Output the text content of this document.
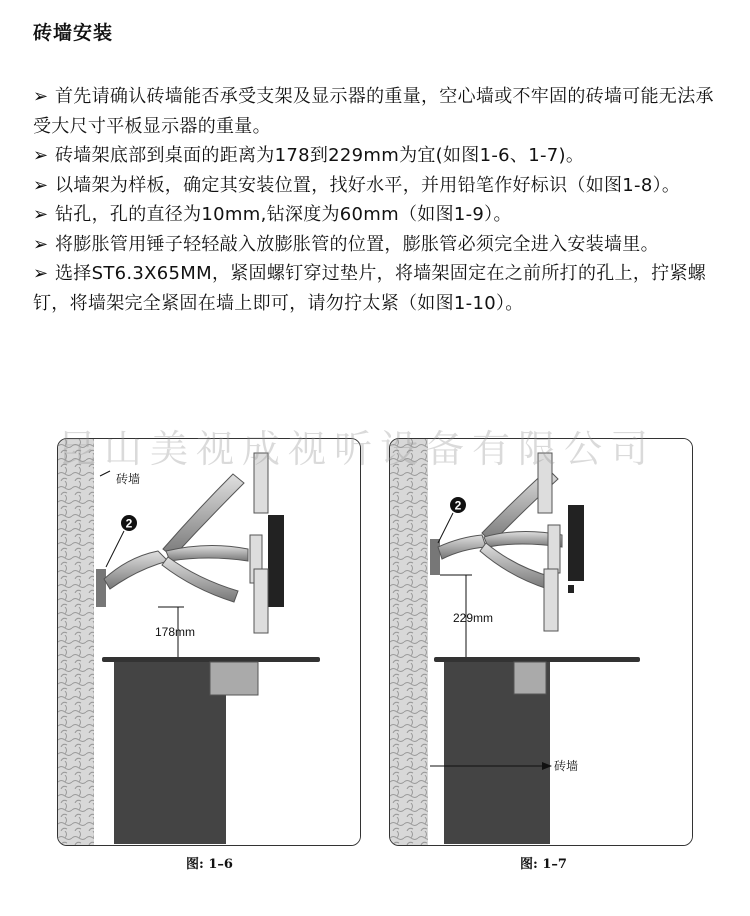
砖墙安装

➢ 首先请确认砖墙能否承受支架及显示器的重量，空心墙或不牢固的砖墙可能无法承受大尺寸平板显示器的重量。

➢ 砖墙架底部到桌面的距离为178到229mm为宜(如图1-6、1-7)。

➢ 以墙架为样板，确定其安装位置，找好水平，并用铅笔作好标识（如图1-8）。

➢ 钻孔，孔的直径为10mm,钻深度为60mm（如图1-9）。

➢ 将膨胀管用锤子轻轻敲入放膨胀管的位置，膨胀管必须完全进入安装墙里。

➢ 选择ST6.3X65MM，紧固螺钉穿过垫片，将墙架固定在之前所打的孔上，拧紧螺钉，将墙架完全紧固在墙上即可，请勿拧太紧（如图1-10）。

2
砖墙
178mm
图: 1–6
2
229mm
砖墙
图: 1–7
昆山美视成视听设备有限公司
